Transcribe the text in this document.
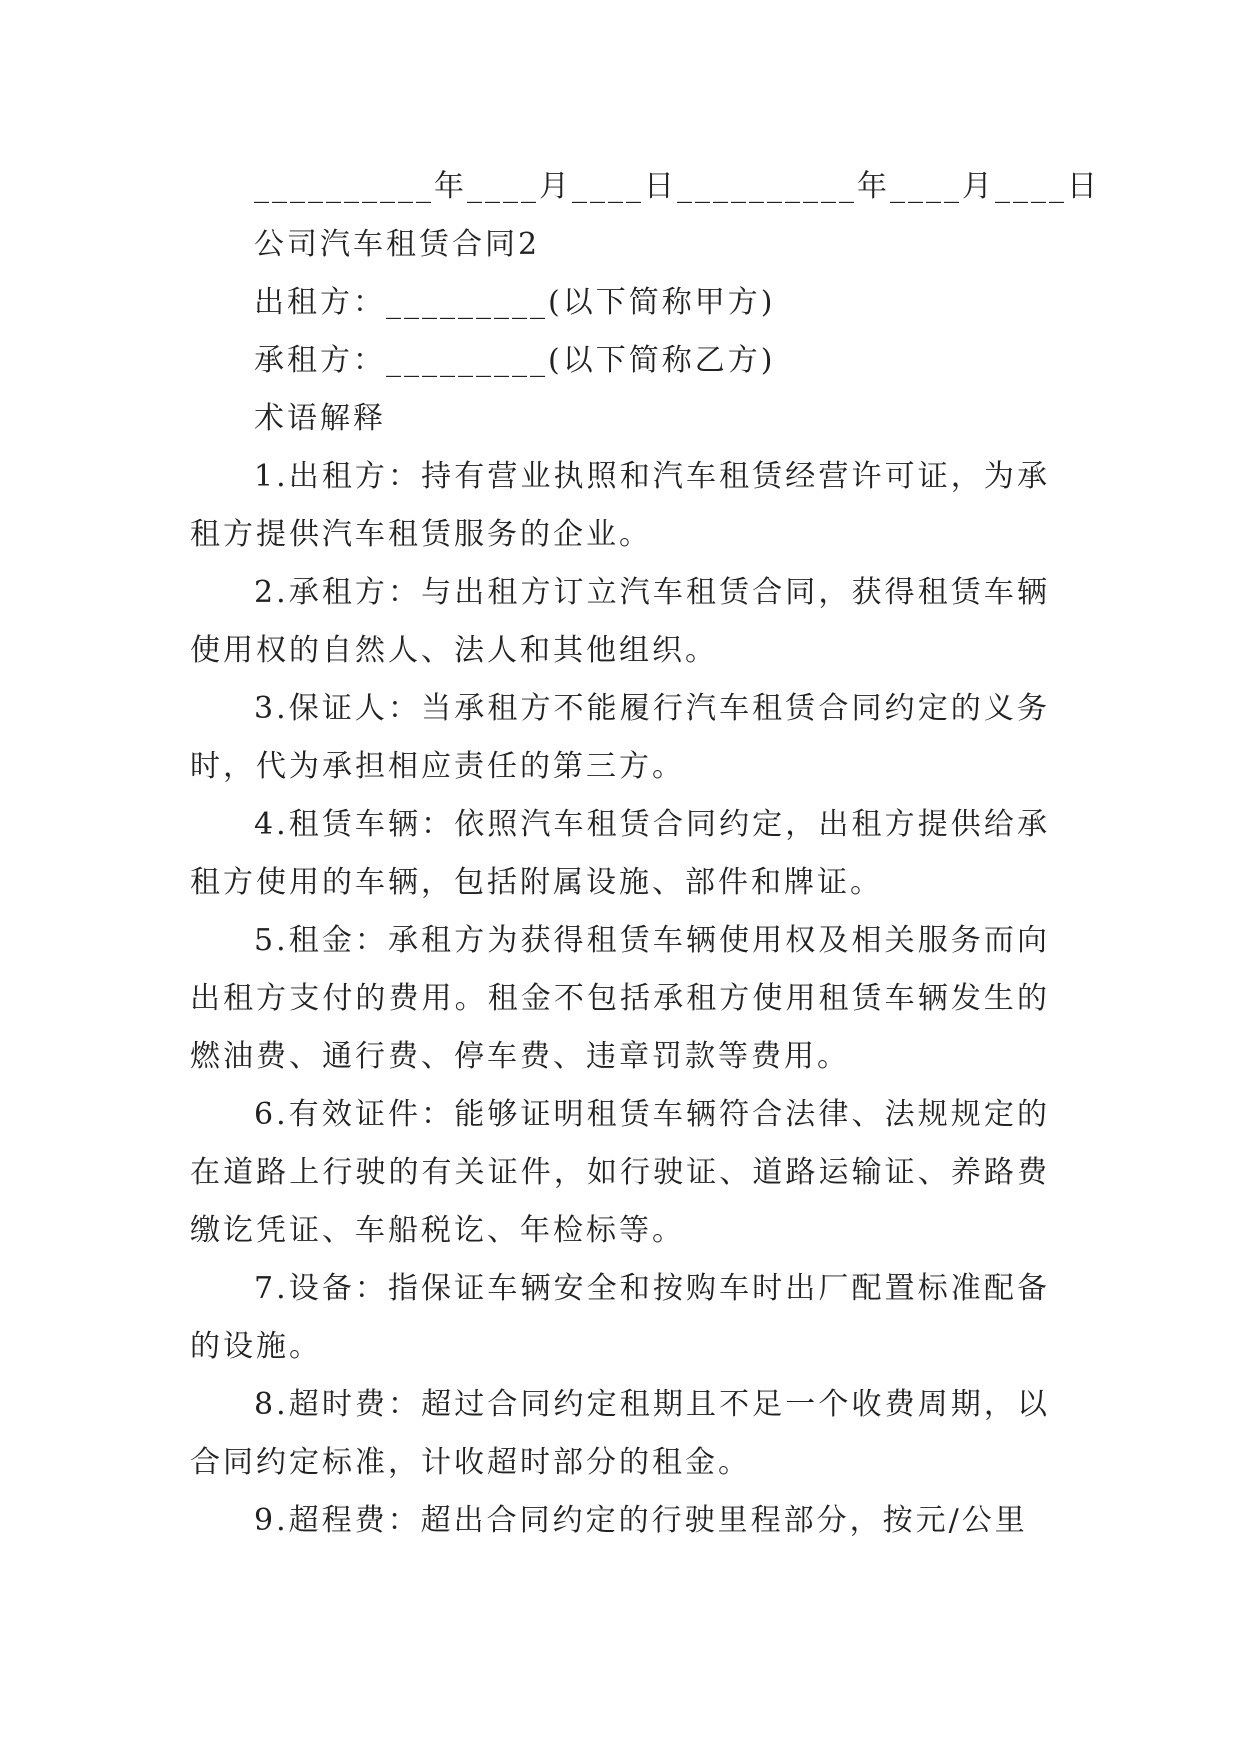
__________年____月____日__________年____月____日
公司汽车租赁合同2
出租方：_________(以下简称甲方)
承租方：_________(以下简称乙方)
术语解释

1.出租方：持有营业执照和汽车租赁经营许可证，为承租方提供汽车租赁服务的企业。

2.承租方：与出租方订立汽车租赁合同，获得租赁车辆使用权的自然人、法人和其他组织。

3.保证人：当承租方不能履行汽车租赁合同约定的义务时，代为承担相应责任的第三方。

4.租赁车辆：依照汽车租赁合同约定，出租方提供给承租方使用的车辆，包括附属设施、部件和牌证。

5.租金：承租方为获得租赁车辆使用权及相关服务而向出租方支付的费用。租金不包括承租方使用租赁车辆发生的燃油费、通行费、停车费、违章罚款等费用。

6.有效证件：能够证明租赁车辆符合法律、法规规定的在道路上行驶的有关证件，如行驶证、道路运输证、养路费缴讫凭证、车船税讫、年检标等。

7.设备：指保证车辆安全和按购车时出厂配置标准配备的设施。

8.超时费：超过合同约定租期且不足一个收费周期，以合同约定标准，计收超时部分的租金。

9.超程费：超出合同约定的行驶里程部分，按元/公里
